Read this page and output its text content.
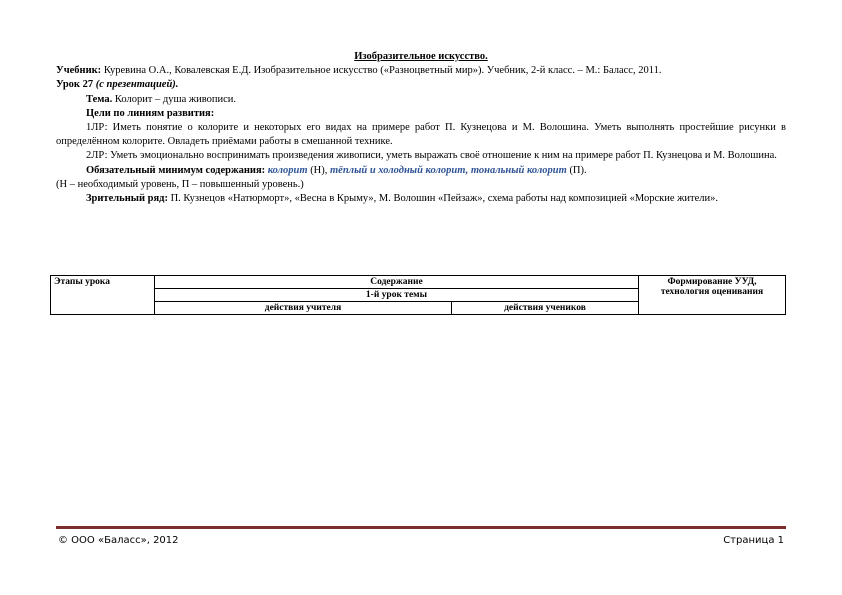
Изобразительное искусство.

Учебник: Куревина О.А., Ковалевская Е.Д. Изобразительное искусство («Разноцветный мир»). Учебник, 2-й класс. – М.: Баласс, 2011.

Урок 27 (с презентацией).

Тема. Колорит – душа живописи.

Цели по линиям развития:

1ЛР: Иметь понятие о колорите и некоторых его видах на примере работ П. Кузнецова и М. Волошина. Уметь выполнять простейшие рисунки в определённом колорите. Овладеть приёмами работы в смешанной технике.

2ЛР: Уметь эмоционально воспринимать произведения живописи, уметь выражать своё отношение к ним на примере работ П. Кузнецова и М. Волошина.

Обязательный минимум содержания: колорит (Н), тёплый и холодный колорит, тональный колорит (П).

(Н – необходимый уровень, П – повышенный уровень.)

Зрительный ряд: П. Кузнецов «Натюрморт», «Весна в Крыму», М. Волошин «Пейзаж», схема работы над композицией «Морские жители».

Этапы урока	Содержание		Формирование УУД, технология оценивания
	1-й урок темы		
	действия учителя	действия учеников	
© ООО «Баласс», 2012	Страница 1
